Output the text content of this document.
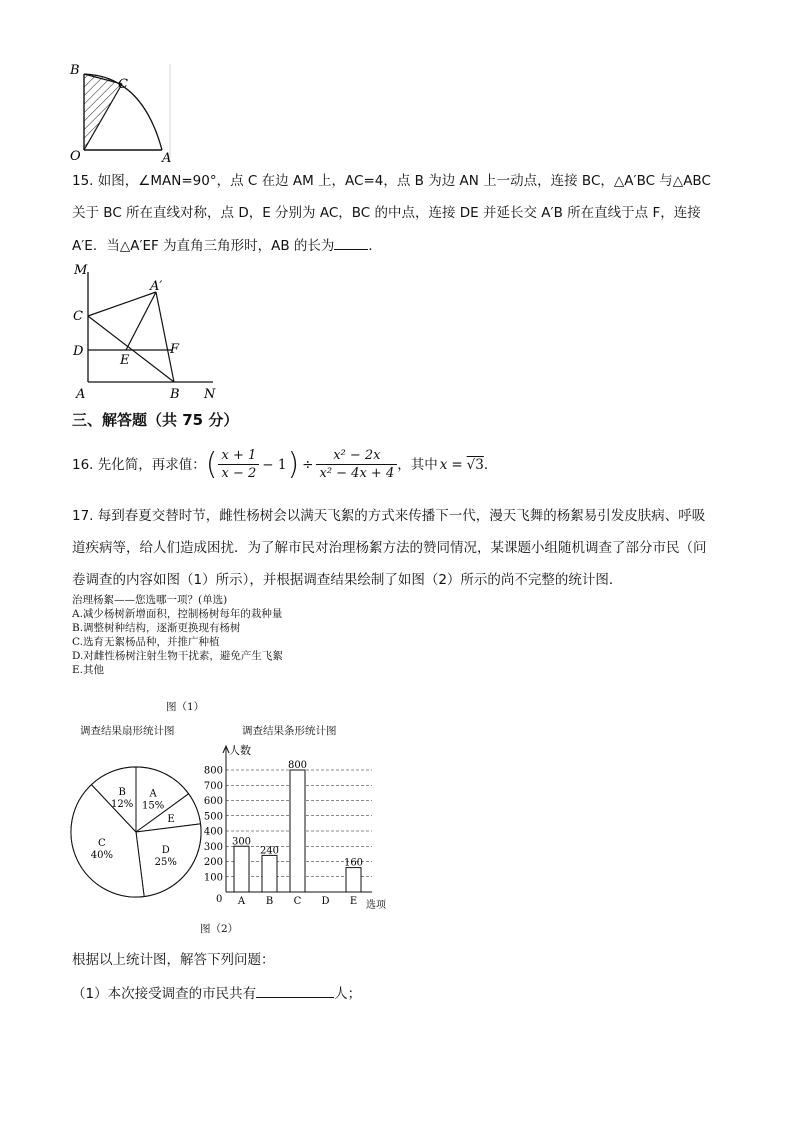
B
C
O	A
15. 如图，∠MAN=90°，点 C 在边 AM 上，AC=4，点 B 为边 AN 上一动点，连接 BC，△A′BC 与△ABC
关于 BC 所在直线对称，点 D，E 分别为 AC，BC 的中点，连接 DE 并延长交 A′B 所在直线于点 F，连接
A′E．当△A′EF 为直角三角形时，AB 的长为	．
M
A′
C
D
E
F
A	B N
三、解答题（共 75 分）
16. 先化简，再求值： ( $\frac{x + 1}{x - 2} - 1$ ) ÷ $\frac{\text{x² − 2x}}{\text{x² − 4x + 4}}$ ，其中 x = √3 ．
17. 每到春夏交替时节，雌性杨树会以满天飞絮的方式来传播下一代，漫天飞舞的杨絮易引发皮肤病、呼吸
道疾病等，给人们造成困扰．为了解市民对治理杨絮方法的赞同情况，某课题小组随机调查了部分市民（问
卷调查的内容如图（1）所示），并根据调查结果绘制了如图（2）所示的尚不完整的统计图．
治理杨絮——您选哪一项？(单选)
A.减少杨树新增面积，控制杨树每年的栽种量
B.调整树种结构，逐渐更换现有杨树
C.选育无絮杨品种，并推广种植
D.对雌性杨树注射生物干扰素，避免产生飞絮
E.其他
图（1）
调查结果扇形统计图
A
15%
E
D
25%
C
40%
B
12%
调查结果条形统计图
100
200
300
400
500
600
700
800
人数
选项
0 A
300
B
240
C
800
D E
160
图（2）
根据以上统计图，解答下列问题：
（1）本次接受调查的市民共有	人；
